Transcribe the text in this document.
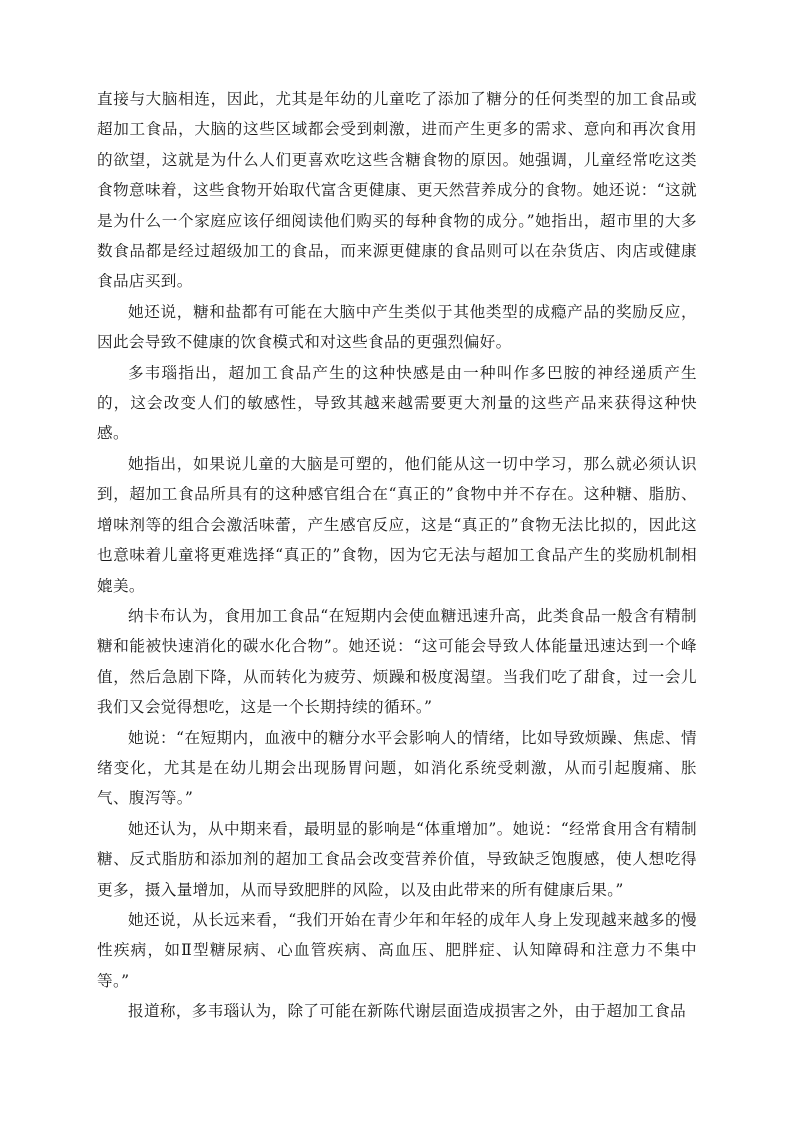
直接与大脑相连，因此，尤其是年幼的儿童吃了添加了糖分的任何类型的加工食品或超加工食品，大脑的这些区域都会受到刺激，进而产生更多的需求、意向和再次食用的欲望，这就是为什么人们更喜欢吃这些含糖食物的原因。她强调，儿童经常吃这类食物意味着，这些食物开始取代富含更健康、更天然营养成分的食物。她还说：“这就是为什么一个家庭应该仔细阅读他们购买的每种食物的成分。”她指出，超市里的大多数食品都是经过超级加工的食品，而来源更健康的食品则可以在杂货店、肉店或健康食品店买到。

她还说，糖和盐都有可能在大脑中产生类似于其他类型的成瘾产品的奖励反应，因此会导致不健康的饮食模式和对这些食品的更强烈偏好。

多韦瑙指出，超加工食品产生的这种快感是由一种叫作多巴胺的神经递质产生的，这会改变人们的敏感性，导致其越来越需要更大剂量的这些产品来获得这种快感。

她指出，如果说儿童的大脑是可塑的，他们能从这一切中学习，那么就必须认识到，超加工食品所具有的这种感官组合在“真正的”食物中并不存在。这种糖、脂肪、增味剂等的组合会激活味蕾，产生感官反应，这是“真正的”食物无法比拟的，因此这也意味着儿童将更难选择“真正的”食物，因为它无法与超加工食品产生的奖励机制相媲美。

纳卡布认为，食用加工食品“在短期内会使血糖迅速升高，此类食品一般含有精制糖和能被快速消化的碳水化合物”。她还说：“这可能会导致人体能量迅速达到一个峰值，然后急剧下降，从而转化为疲劳、烦躁和极度渴望。当我们吃了甜食，过一会儿我们又会觉得想吃，这是一个长期持续的循环。”

她说：“在短期内，血液中的糖分水平会影响人的情绪，比如导致烦躁、焦虑、情绪变化，尤其是在幼儿期会出现肠胃问题，如消化系统受刺激，从而引起腹痛、胀气、腹泻等。”

她还认为，从中期来看，最明显的影响是“体重增加”。她说：“经常食用含有精制糖、反式脂肪和添加剂的超加工食品会改变营养价值，导致缺乏饱腹感，使人想吃得更多，摄入量增加，从而导致肥胖的风险，以及由此带来的所有健康后果。”

她还说，从长远来看，“我们开始在青少年和年轻的成年人身上发现越来越多的慢性疾病，如Ⅱ型糖尿病、心血管疾病、高血压、肥胖症、认知障碍和注意力不集中等。”

报道称，多韦瑙认为，除了可能在新陈代谢层面造成损害之外，由于超加工食品
